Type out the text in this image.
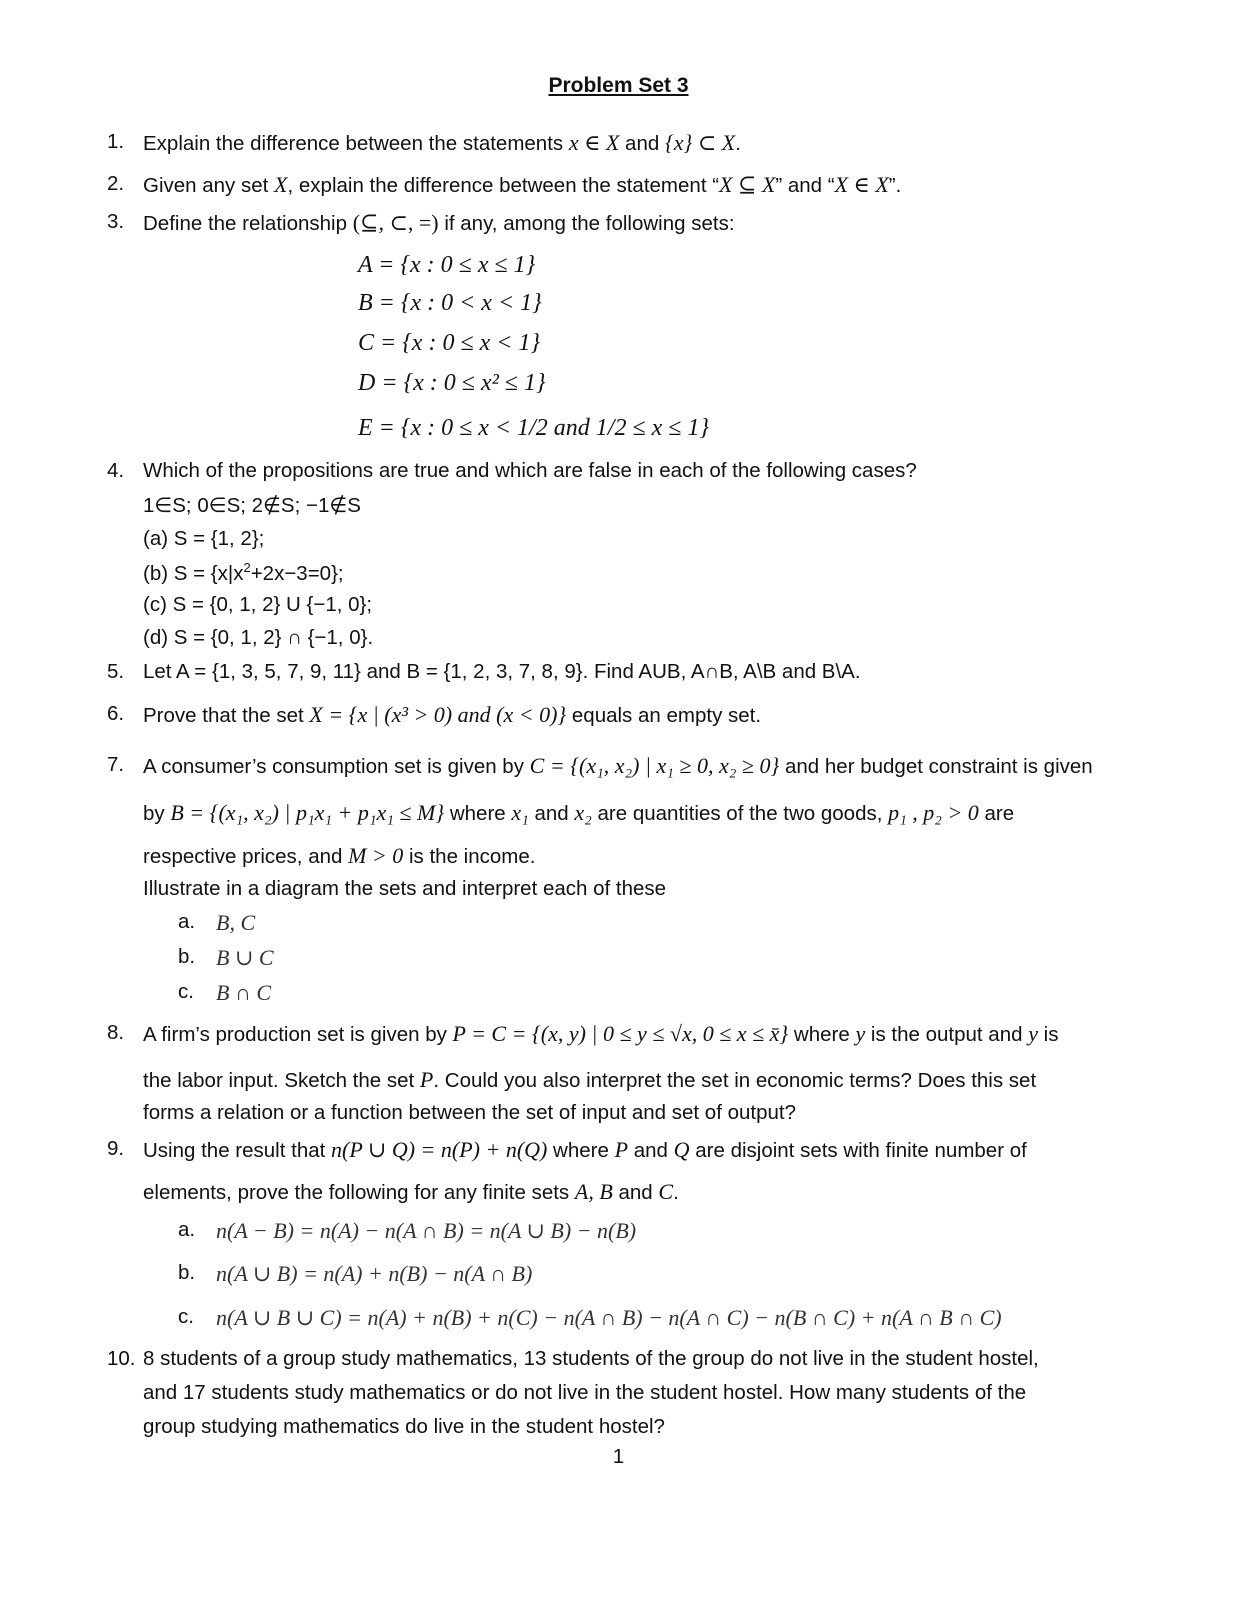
Problem Set 3
1. Explain the difference between the statements x ∈ X and {x} ⊂ X.
2. Given any set X, explain the difference between the statement “X ⊆ X” and “X ∈ X”.
3. Define the relationship (⊆, ⊂, =) if any, among the following sets:
A = {x : 0 ≤ x ≤ 1}
B = {x : 0 < x < 1}
C = {x : 0 ≤ x < 1}
D = {x : 0 ≤ x² ≤ 1}
E = {x : 0 ≤ x < 1/2 and 1/2 ≤ x ≤ 1}
4. Which of the propositions are true and which are false in each of the following cases?
1∈S; 0∈S; 2∉S; −1∉S
(a) S = {1, 2};
(b) $S = \{x|x^2+2x-3=0\}$;
(c) S = {0, 1, 2} U {−1, 0};
(d) S = {0, 1, 2} ∩ {−1, 0}.
5. Let A = {1, 3, 5, 7, 9, 11} and B = {1, 2, 3, 7, 8, 9}. Find AUB, A∩B, A\B and B\A.
6. Prove that the set X = {x | (x³ > 0) and (x < 0)} equals an empty set.
7. A consumer’s consumption set is given by C = {(x₁, x₂) | x₁ ≥ 0, x₂ ≥ 0} and her budget constraint is given
by B = {(x₁, x₂) | p₁x₁ + p₁x₁ ≤ M} where x₁ and x₂ are quantities of the two goods, p₁ , p₂ > 0 are
respective prices, and M > 0 is the income.
Illustrate in a diagram the sets and interpret each of these
a. B, C
b. B ∪ C
c. B ∩ C
8. A firm’s production set is given by P = C = {(x, y) | 0 ≤ y ≤ √x, 0 ≤ x ≤ x̄} where y is the output and y is
the labor input. Sketch the set P. Could you also interpret the set in economic terms? Does this set
forms a relation or a function between the set of input and set of output?
9. Using the result that n(P ∪ Q) = n(P) + n(Q) where P and Q are disjoint sets with finite number of
elements, prove the following for any finite sets A, B and C.
a. n(A − B) = n(A) − n(A ∩ B) = n(A ∪ B) − n(B)
b. n(A ∪ B) = n(A) + n(B) − n(A ∩ B)
c. n(A ∪ B ∪ C) = n(A) + n(B) + n(C) − n(A ∩ B) − n(A ∩ C) − n(B ∩ C) + n(A ∩ B ∩ C)
10. 8 students of a group study mathematics, 13 students of the group do not live in the student hostel,
and 17 students study mathematics or do not live in the student hostel. How many students of the
group studying mathematics do live in the student hostel?
1
